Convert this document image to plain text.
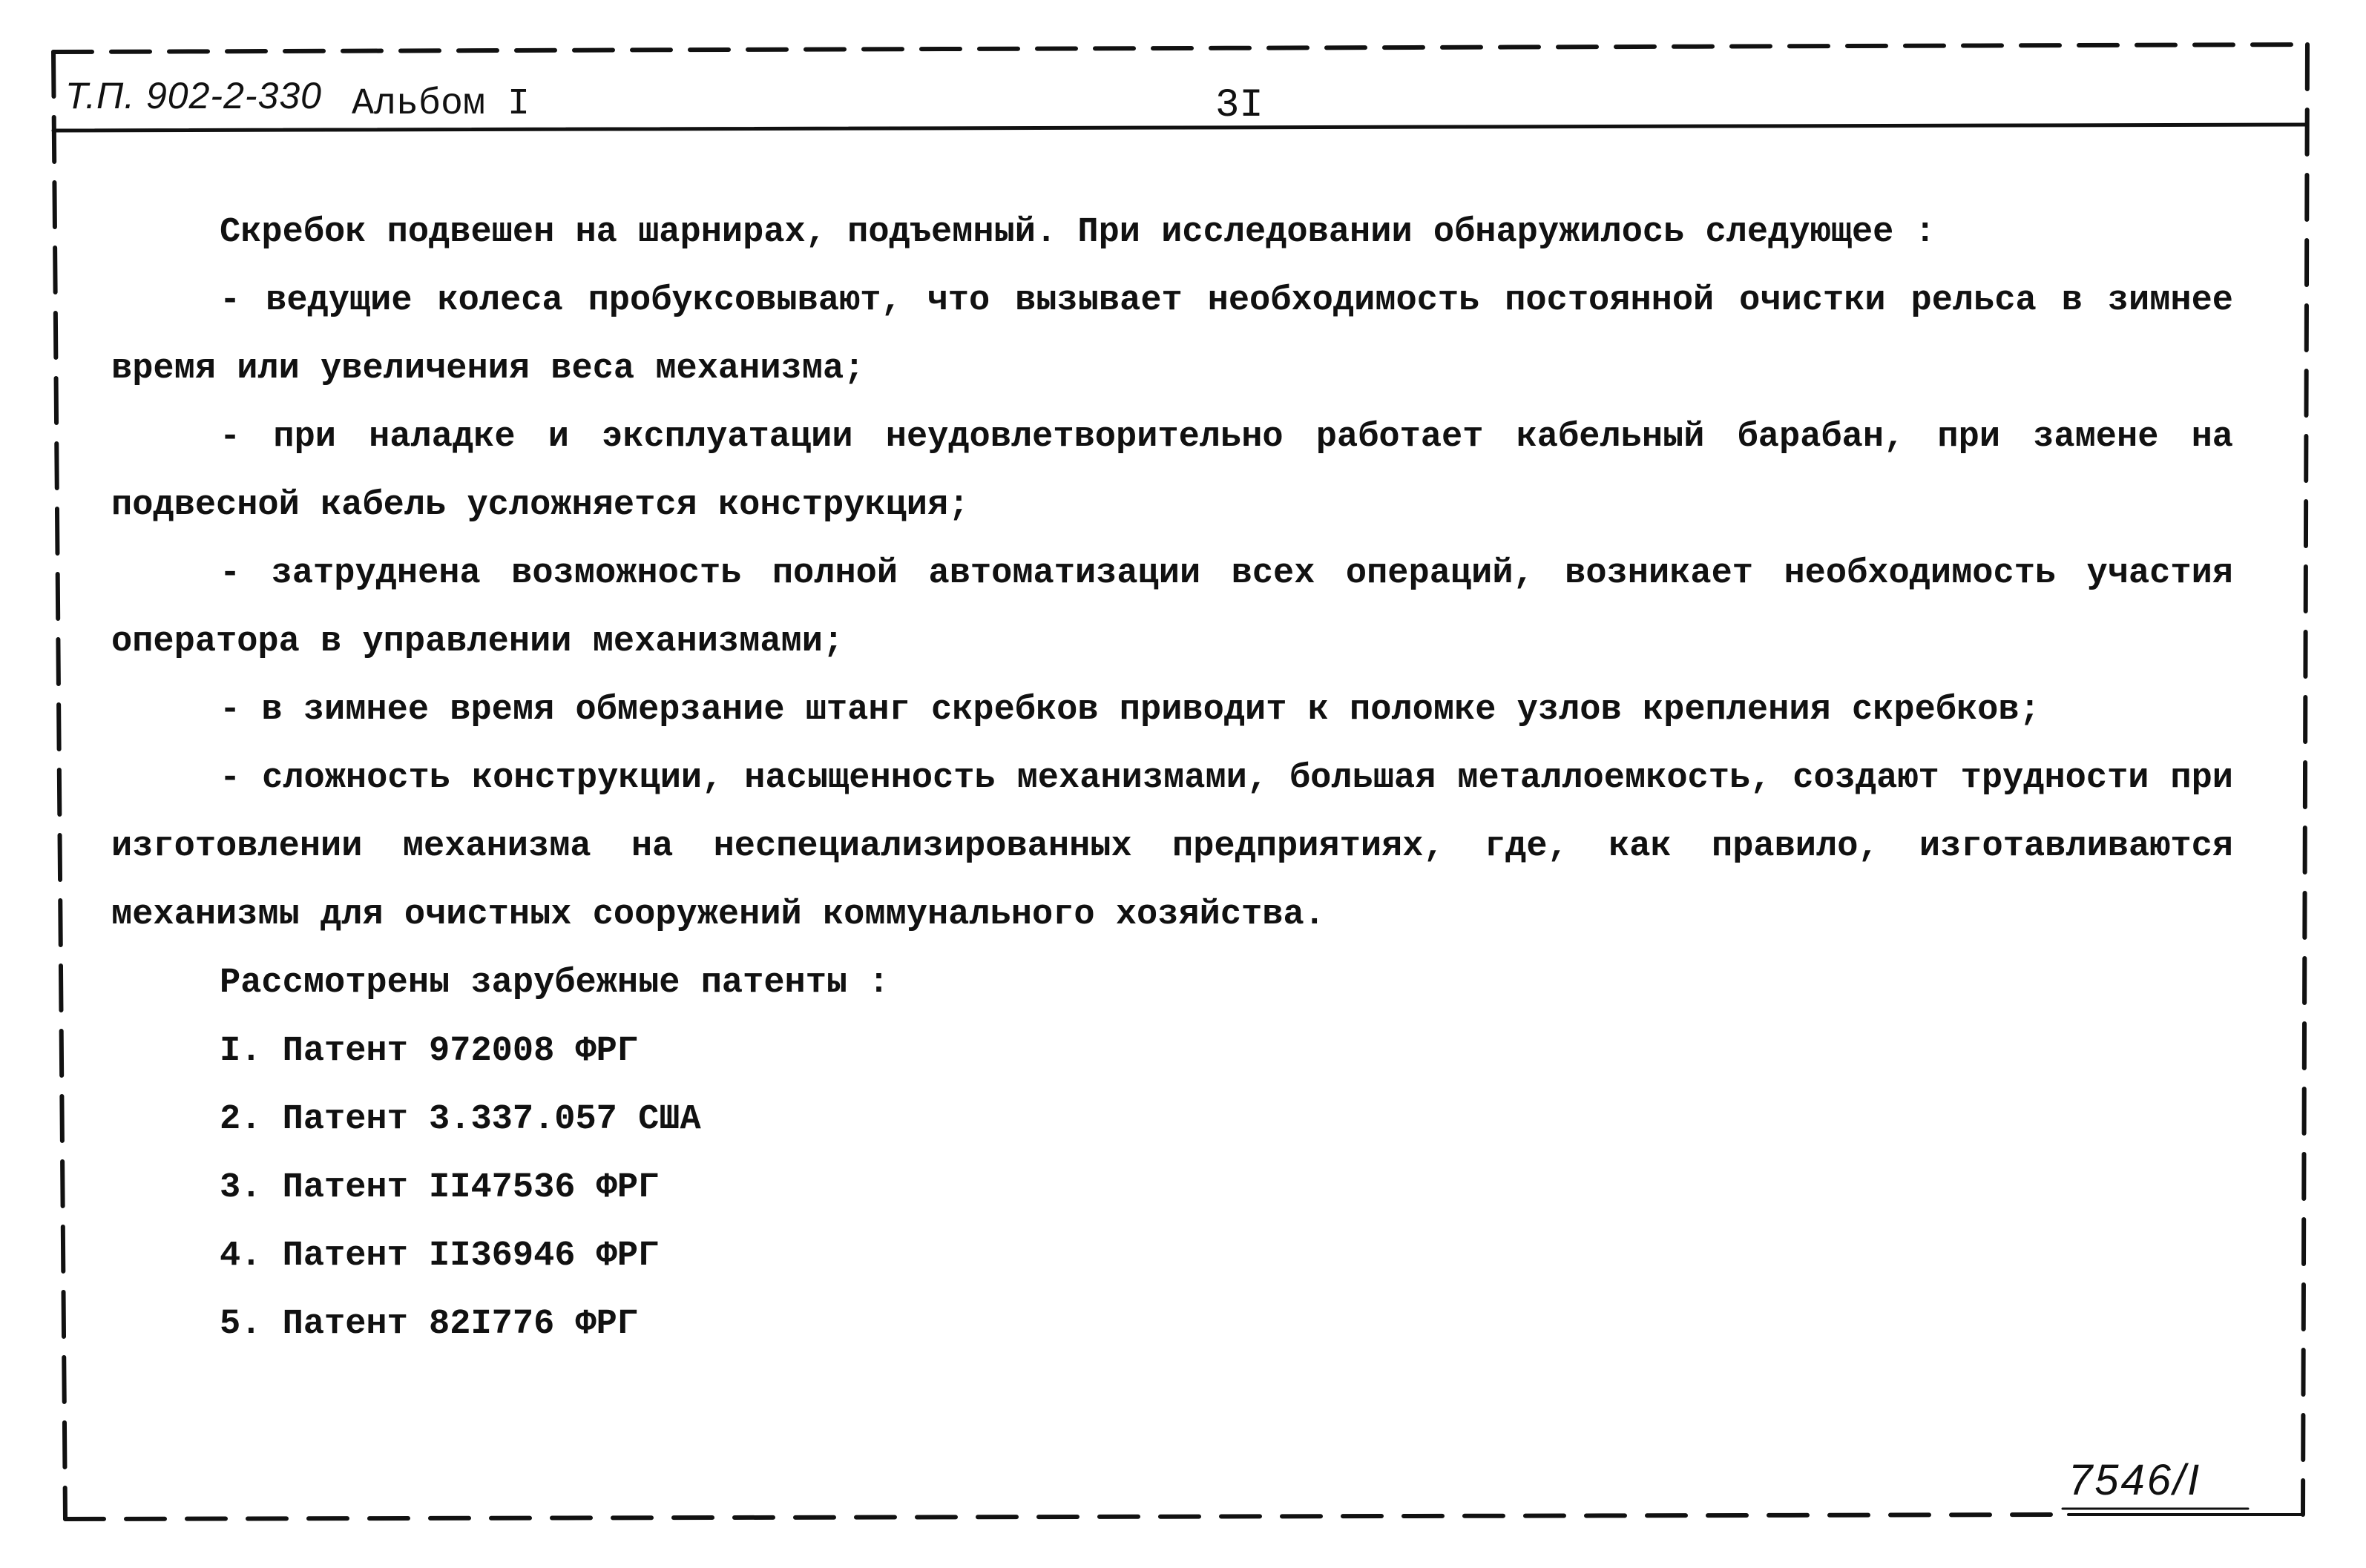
Т.П. 902-2-330 Альбом I	3I

Скребок подвешен на шарнирах, подъемный. При исследовании обнаружилось следующее :

- ведущие колеса пробуксовывают, что вызывает необходимость постоянной очистки рельса в зимнее время или увеличения веса механизма;

- при наладке и эксплуатации неудовлетворительно работает кабельный барабан, при замене на подвесной кабель усложняется конструкция;

- затруднена возможность полной автоматизации всех операций, возникает необходимость участия оператора в управлении механизмами;

- в зимнее время обмерзание штанг скребков приводит к поломке узлов крепления скребков;

- сложность конструкции, насыщенность механизмами, большая металлоемкость, создают трудности при изготовлении механизма на неспециализированных предприятиях, где, как правило, изготавливаются механизмы для очистных сооружений коммунального хозяйства.

Рассмотрены зарубежные патенты :

I. Патент 972008 ФРГ
2. Патент 3.337.057 США
3. Патент II47536 ФРГ
4. Патент II36946 ФРГ
5. Патент 82I776 ФРГ
7546/I
